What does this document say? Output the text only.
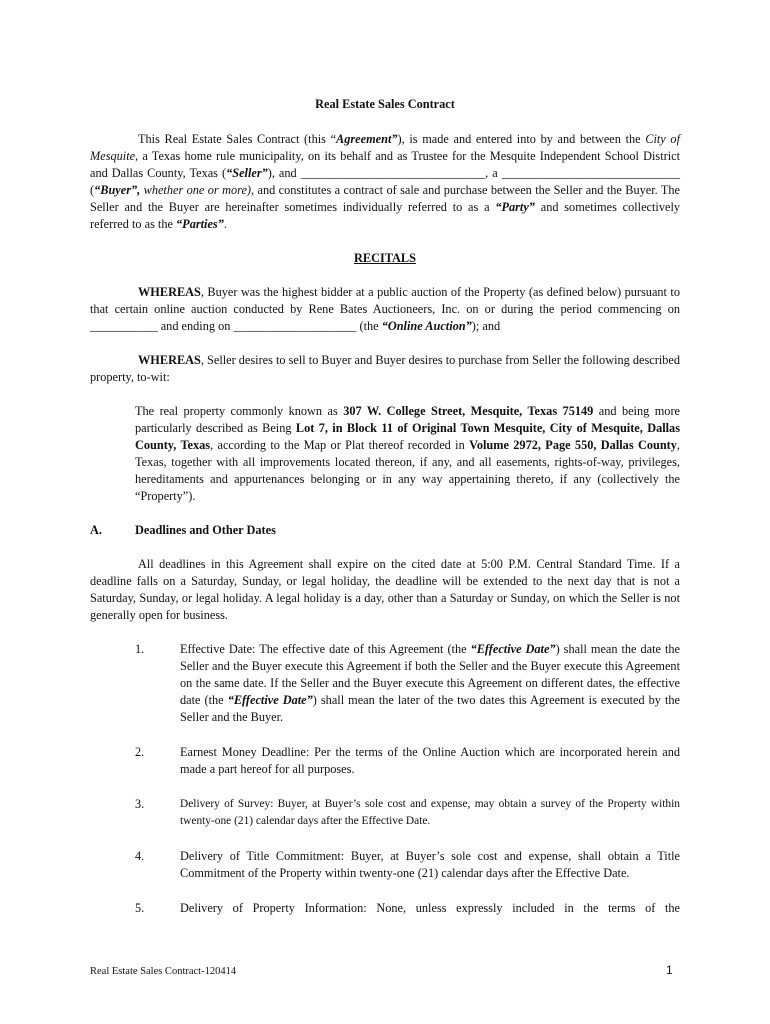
Real Estate Sales Contract

This Real Estate Sales Contract (this “Agreement”), is made and entered into by and between the City of Mesquite, a Texas home rule municipality, on its behalf and as Trustee for the Mesquite Independent School District and Dallas County, Texas (“Seller”), and ______________________________, a _____________________________ (“Buyer”, whether one or more), and constitutes a contract of sale and purchase between the Seller and the Buyer. The Seller and the Buyer are hereinafter sometimes individually referred to as a “Party” and sometimes collectively referred to as the “Parties”.

RECITALS

WHEREAS, Buyer was the highest bidder at a public auction of the Property (as defined below) pursuant to that certain online auction conducted by Rene Bates Auctioneers, Inc. on or during the period commencing on ___________ and ending on ____________________ (the “Online Auction”); and

WHEREAS, Seller desires to sell to Buyer and Buyer desires to purchase from Seller the following described property, to-wit:

The real property commonly known as 307 W. College Street, Mesquite, Texas 75149 and being more particularly described as Being Lot 7, in Block 11 of Original Town Mesquite, City of Mesquite, Dallas County, Texas, according to the Map or Plat thereof recorded in Volume 2972, Page 550, Dallas County, Texas, together with all improvements located thereon, if any, and all easements, rights-of-way, privileges, hereditaments and appurtenances belonging or in any way appertaining thereto, if any (collectively the “Property”).

A.	Deadlines and Other Dates

All deadlines in this Agreement shall expire on the cited date at 5:00 P.M. Central Standard Time. If a deadline falls on a Saturday, Sunday, or legal holiday, the deadline will be extended to the next day that is not a Saturday, Sunday, or legal holiday. A legal holiday is a day, other than a Saturday or Sunday, on which the Seller is not generally open for business.

1.	Effective Date: The effective date of this Agreement (the “Effective Date”) shall mean the date the Seller and the Buyer execute this Agreement if both the Seller and the Buyer execute this Agreement on the same date. If the Seller and the Buyer execute this Agreement on different dates, the effective date (the “Effective Date”) shall mean the later of the two dates this Agreement is executed by the Seller and the Buyer.
2.	Earnest Money Deadline: Per the terms of the Online Auction which are incorporated herein and made a part hereof for all purposes.
3.	Delivery of Survey: Buyer, at Buyer’s sole cost and expense, may obtain a survey of the Property within twenty-one (21) calendar days after the Effective Date.
4.	Delivery of Title Commitment: Buyer, at Buyer’s sole cost and expense, shall obtain a Title Commitment of the Property within twenty-one (21) calendar days after the Effective Date.
5.	Delivery of Property Information: None, unless expressly included in the terms of the
Real Estate Sales Contract-120414	1
